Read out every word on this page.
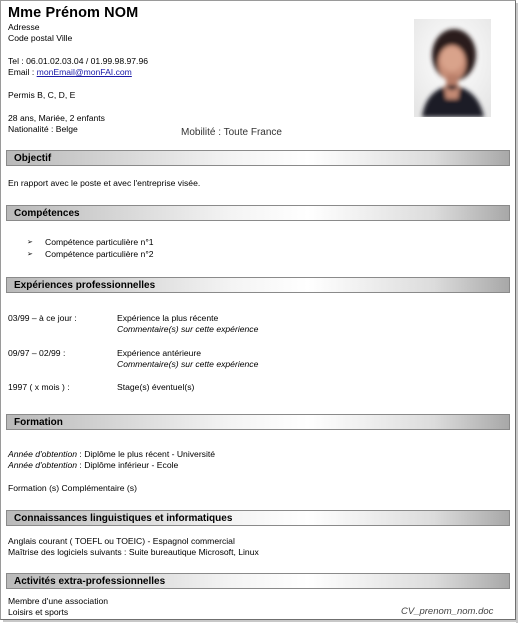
Mme Prénom NOM
Adresse
Code postal Ville
Tel : 06.01.02.03.04 / 01.99.98.97.96
Email : monEmail@monFAI.com
Permis B, C, D, E
28 ans, Mariée, 2 enfants
Nationalité : Belge	Mobilité : Toute France
Objectif
En rapport avec le poste et avec l'entreprise visée.
Compétences
➢ Compétence particulière n°1
➢ Compétence particulière n°2
Expériences professionnelles
03/99 – à ce jour :	Expérience la plus récente
Commentaire(s) sur cette expérience
09/97 – 02/99 :	Expérience antérieure
Commentaire(s) sur cette expérience
1997 ( x mois ) :	Stage(s) éventuel(s)
Formation
Année d'obtention : Diplôme le plus récent - Université
Année d'obtention : Diplôme inférieur - Ecole
Formation (s) Complémentaire (s)
Connaissances linguistiques et informatiques
Anglais courant ( TOEFL ou TOEIC) - Espagnol commercial
Maîtrise des logiciels suivants : Suite bureautique Microsoft, Linux
Activités extra-professionnelles
Membre d'une association
Loisirs et sports	CV_prenom_nom.doc
